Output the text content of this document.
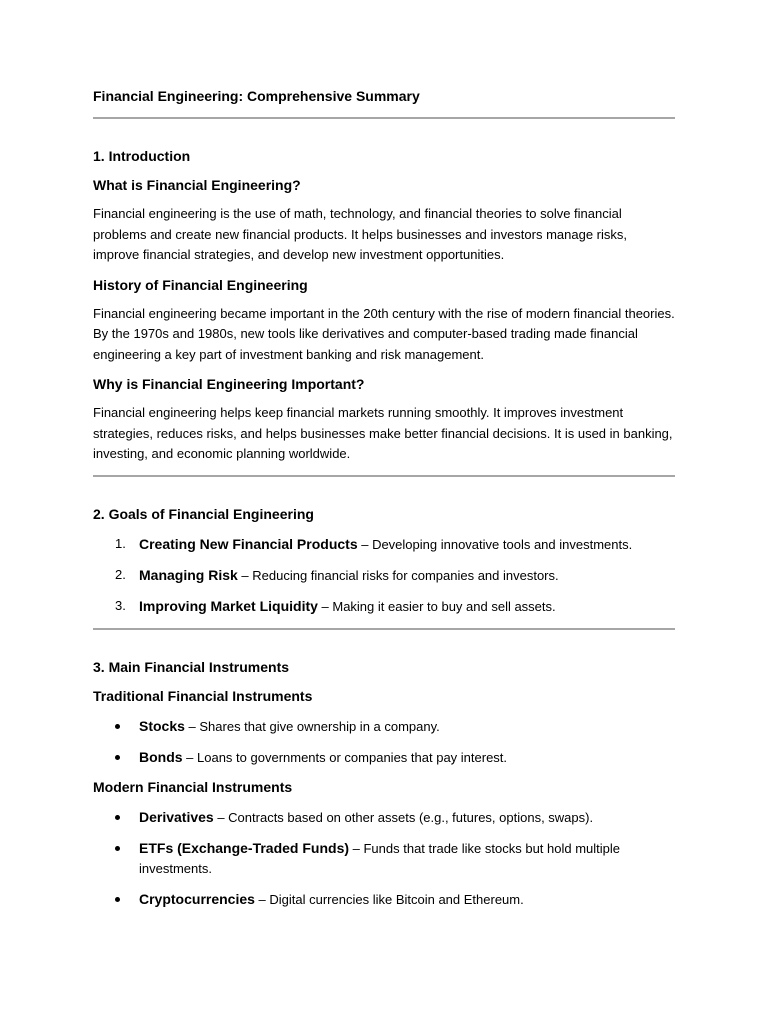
Financial Engineering: Comprehensive Summary
1. Introduction
What is Financial Engineering?

Financial engineering is the use of math, technology, and financial theories to solve financial problems and create new financial products. It helps businesses and investors manage risks, improve financial strategies, and develop new investment opportunities.

History of Financial Engineering

Financial engineering became important in the 20th century with the rise of modern financial theories. By the 1970s and 1980s, new tools like derivatives and computer-based trading made financial engineering a key part of investment banking and risk management.

Why is Financial Engineering Important?

Financial engineering helps keep financial markets running smoothly. It improves investment strategies, reduces risks, and helps businesses make better financial decisions. It is used in banking, investing, and economic planning worldwide.

2. Goals of Financial Engineering
1. Creating New Financial Products – Developing innovative tools and investments.
2. Managing Risk – Reducing financial risks for companies and investors.
3. Improving Market Liquidity – Making it easier to buy and sell assets.
3. Main Financial Instruments
Traditional Financial Instruments
Stocks – Shares that give ownership in a company.
Bonds – Loans to governments or companies that pay interest.
Modern Financial Instruments
Derivatives – Contracts based on other assets (e.g., futures, options, swaps).
ETFs (Exchange-Traded Funds) – Funds that trade like stocks but hold multiple investments.
Cryptocurrencies – Digital currencies like Bitcoin and Ethereum.
